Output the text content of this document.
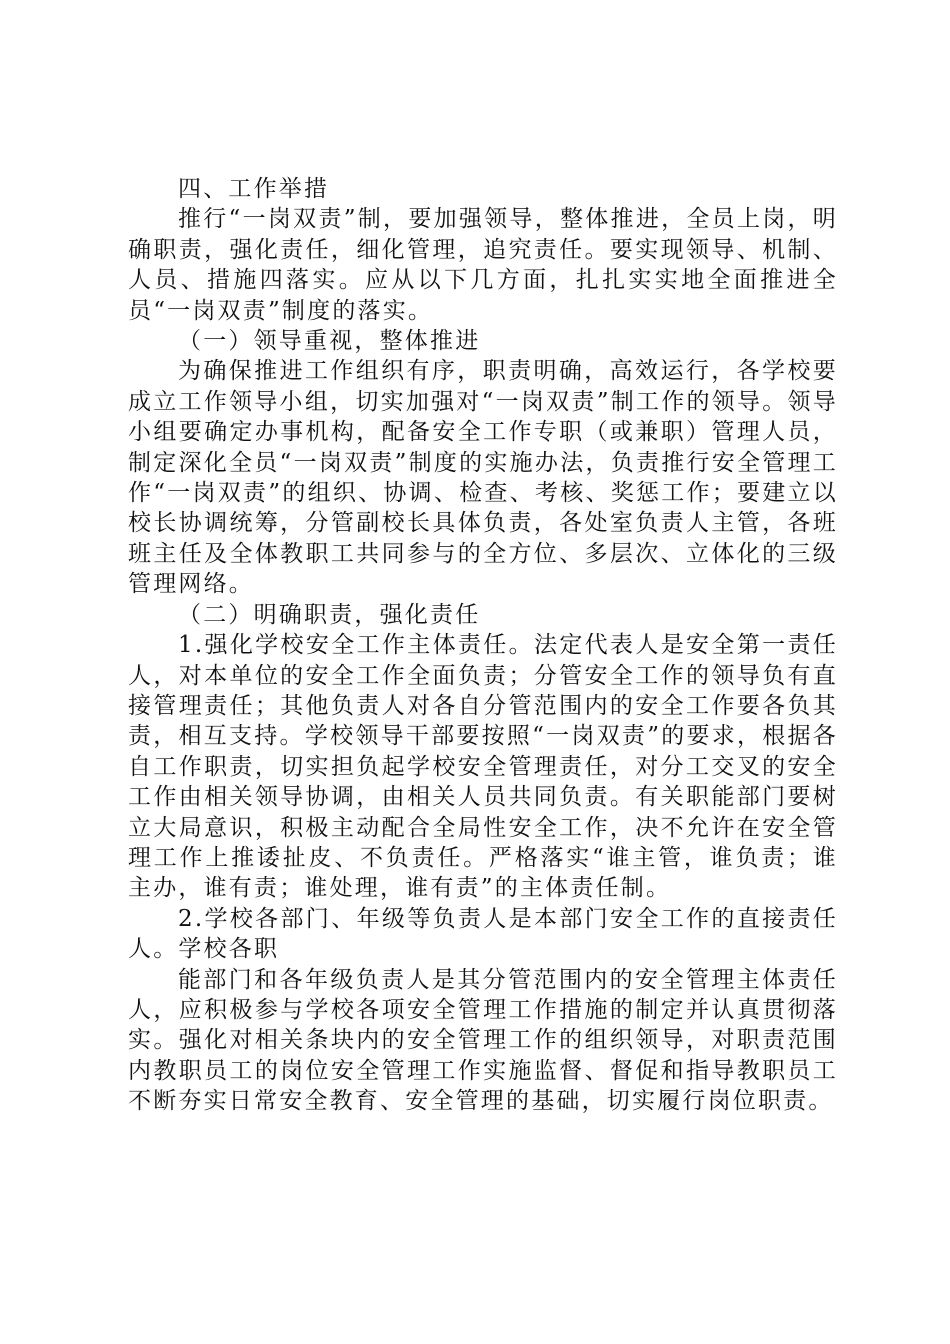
四、工作举措

推行“一岗双责”制，要加强领导，整体推进，全员上岗，明确职责，强化责任，细化管理，追究责任。要实现领导、机制、人员、措施四落实。应从以下几方面，扎扎实实地全面推进全员“一岗双责”制度的落实。

（一）领导重视，整体推进

为确保推进工作组织有序，职责明确，高效运行，各学校要成立工作领导小组，切实加强对“一岗双责”制工作的领导。领导小组要确定办事机构，配备安全工作专职（或兼职）管理人员，制定深化全员“一岗双责”制度的实施办法，负责推行安全管理工作“一岗双责”的组织、协调、检查、考核、奖惩工作；要建立以校长协调统筹，分管副校长具体负责，各处室负责人主管，各班班主任及全体教职工共同参与的全方位、多层次、立体化的三级管理网络。

（二）明确职责，强化责任

1.强化学校安全工作主体责任。法定代表人是安全第一责任人，对本单位的安全工作全面负责；分管安全工作的领导负有直接管理责任；其他负责人对各自分管范围内的安全工作要各负其责，相互支持。学校领导干部要按照“一岗双责”的要求，根据各自工作职责，切实担负起学校安全管理责任，对分工交叉的安全工作由相关领导协调，由相关人员共同负责。有关职能部门要树立大局意识，积极主动配合全局性安全工作，决不允许在安全管理工作上推诿扯皮、不负责任。严格落实“谁主管，谁负责；谁主办，谁有责；谁处理，谁有责”的主体责任制。

2.学校各部门、年级等负责人是本部门安全工作的直接责任人。学校各职

能部门和各年级负责人是其分管范围内的安全管理主体责任人，应积极参与学校各项安全管理工作措施的制定并认真贯彻落实。强化对相关条块内的安全管理工作的组织领导，对职责范围内教职员工的岗位安全管理工作实施监督、督促和指导教职员工不断夯实日常安全教育、安全管理的基础，切实履行岗位职责。
